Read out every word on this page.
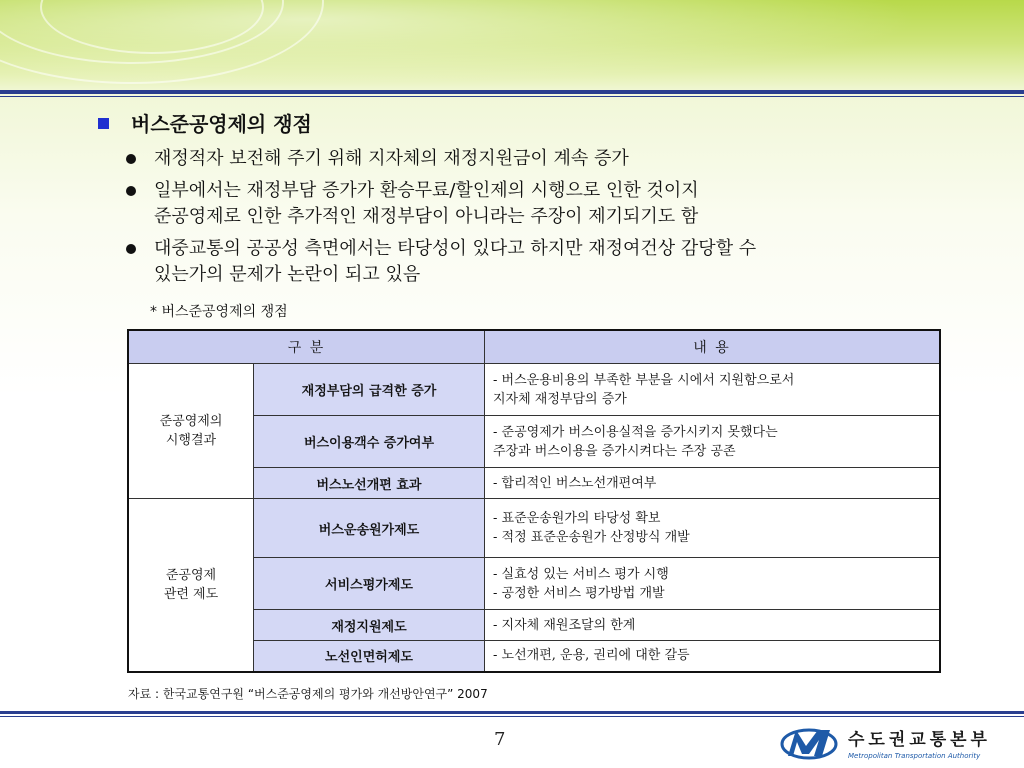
버스준공영제의 쟁점
재정적자 보전해 주기 위해 지자체의 재정지원금이 계속 증가
일부에서는 재정부담 증가가 환승무료/할인제의 시행으로 인한 것이지
준공영제로 인한 추가적인 재정부담이 아니라는 주장이 제기되기도 함
대중교통의 공공성 측면에서는 타당성이 있다고 하지만 재정여건상 감당할 수
있는가의 문제가 논란이 되고 있음
* 버스준공영제의 쟁점
구 분		내 용
준공영제의
시행결과	재정부담의 급격한 증가	- 버스운용비용의 부족한 부분을 시에서 지원함으로서
지자체 재정부담의 증가
	버스이용객수 증가여부	- 준공영제가 버스이용실적을 증가시키지 못했다는
주장과 버스이용을 증가시켜다는 주장 공존
	버스노선개편 효과	- 합리적인 버스노선개편여부
준공영제
관련 제도	버스운송원가제도	- 표준운송원가의 타당성 확보
- 적정 표준운송원가 산정방식 개발
	서비스평가제도	- 실효성 있는 서비스 평가 시행
- 공정한 서비스 평가방법 개발
	재정지원제도	- 지자체 재원조달의 한계
	노선인면허제도	- 노선개편, 운용, 권리에 대한 갈등
자료 : 한국교통연구원 “버스준공영제의 평가와 개선방안연구” 2007
7	수도권교통본부
Metropolitan Transportation Authority
